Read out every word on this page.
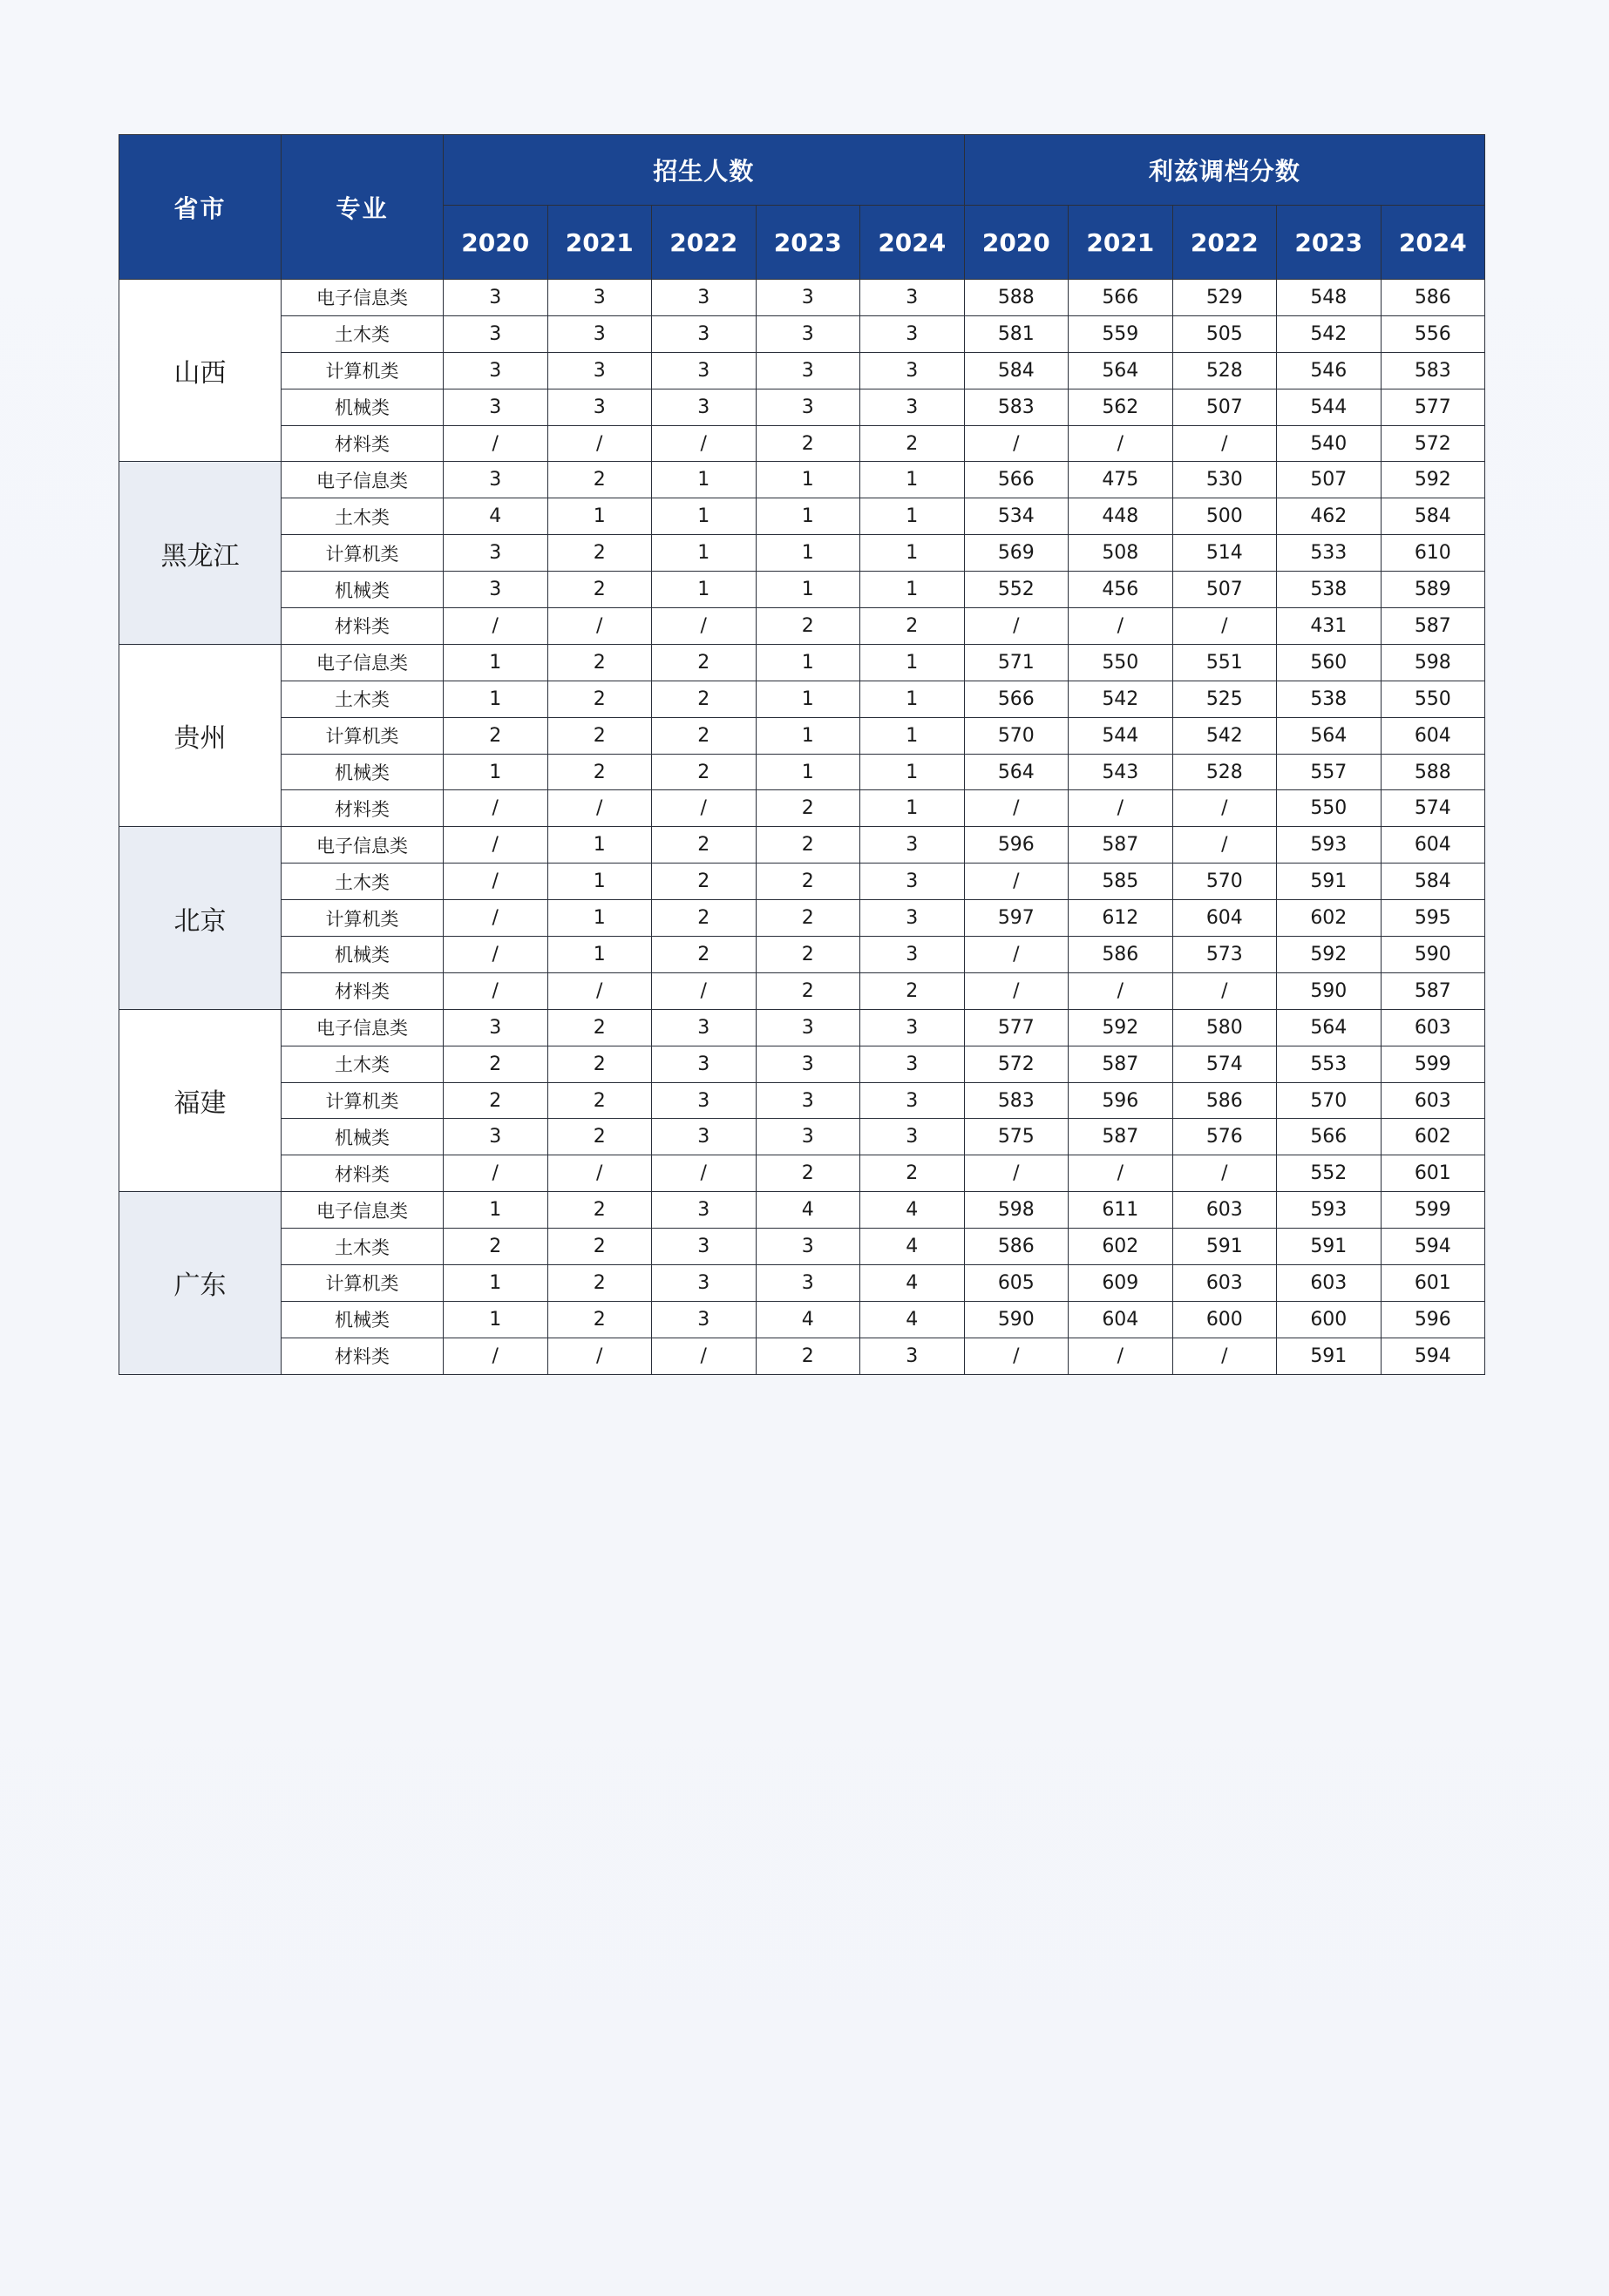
省市	专业	招生人数					利兹调档分数				
		2020	2021	2022	2023	2024	2020	2021	2022	2023	2024
山西	电子信息类	3	3	3	3	3	588	566	529	548	586
	土木类	3	3	3	3	3	581	559	505	542	556
	计算机类	3	3	3	3	3	584	564	528	546	583
	机械类	3	3	3	3	3	583	562	507	544	577
	材料类	/	/	/	2	2	/	/	/	540	572
黑龙江	电子信息类	3	2	1	1	1	566	475	530	507	592
	土木类	4	1	1	1	1	534	448	500	462	584
	计算机类	3	2	1	1	1	569	508	514	533	610
	机械类	3	2	1	1	1	552	456	507	538	589
	材料类	/	/	/	2	2	/	/	/	431	587
贵州	电子信息类	1	2	2	1	1	571	550	551	560	598
	土木类	1	2	2	1	1	566	542	525	538	550
	计算机类	2	2	2	1	1	570	544	542	564	604
	机械类	1	2	2	1	1	564	543	528	557	588
	材料类	/	/	/	2	1	/	/	/	550	574
北京	电子信息类	/	1	2	2	3	596	587	/	593	604
	土木类	/	1	2	2	3	/	585	570	591	584
	计算机类	/	1	2	2	3	597	612	604	602	595
	机械类	/	1	2	2	3	/	586	573	592	590
	材料类	/	/	/	2	2	/	/	/	590	587
福建	电子信息类	3	2	3	3	3	577	592	580	564	603
	土木类	2	2	3	3	3	572	587	574	553	599
	计算机类	2	2	3	3	3	583	596	586	570	603
	机械类	3	2	3	3	3	575	587	576	566	602
	材料类	/	/	/	2	2	/	/	/	552	601
广东	电子信息类	1	2	3	4	4	598	611	603	593	599
	土木类	2	2	3	3	4	586	602	591	591	594
	计算机类	1	2	3	3	4	605	609	603	603	601
	机械类	1	2	3	4	4	590	604	600	600	596
	材料类	/	/	/	2	3	/	/	/	591	594
